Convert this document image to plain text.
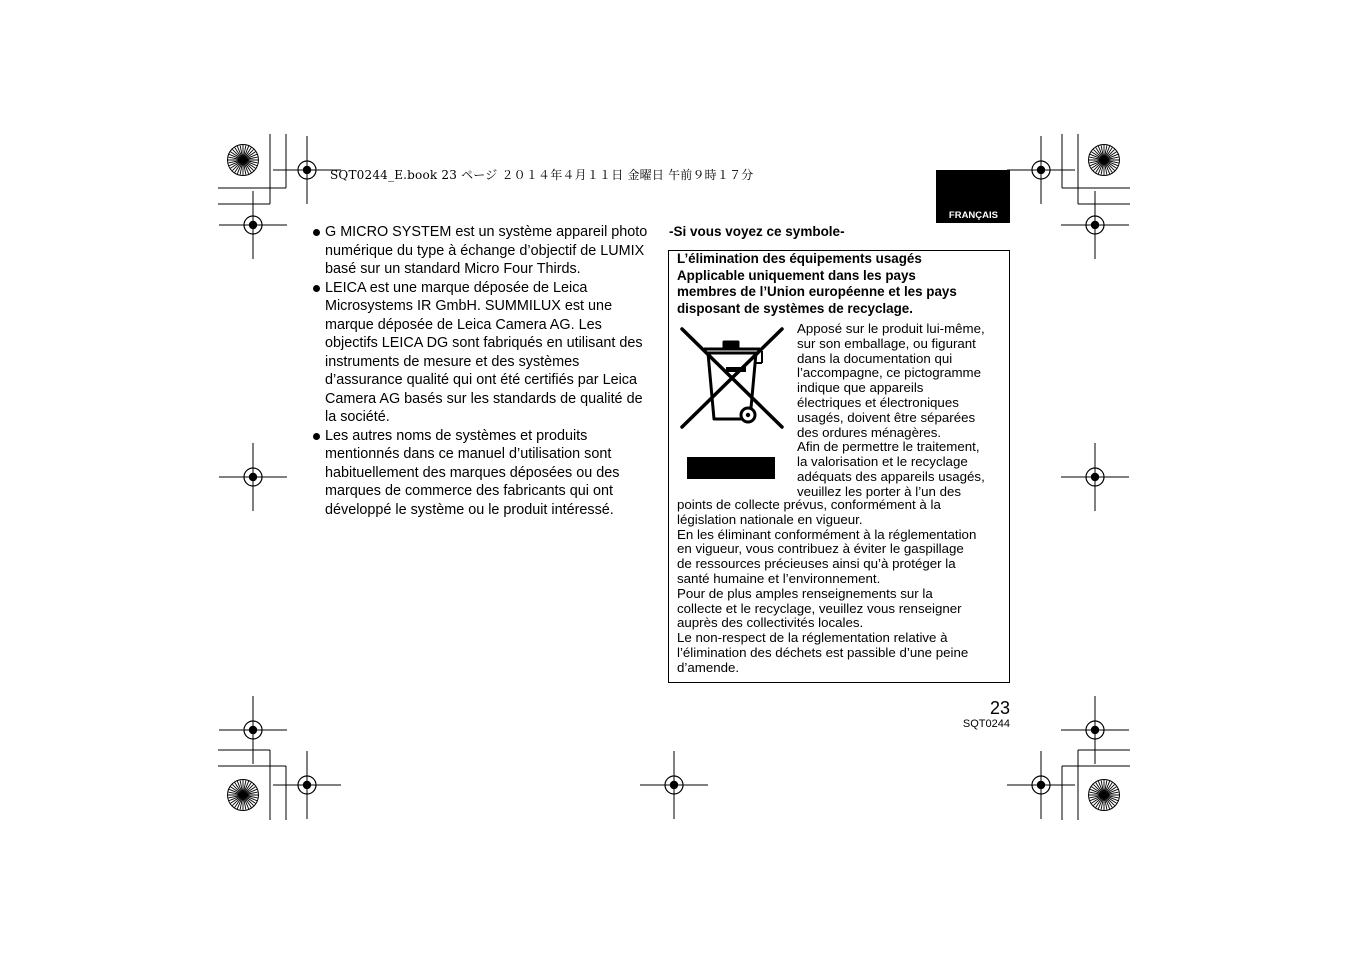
SQT0244_E.book 23 ページ ２０１４年４月１１日 金曜日 午前９時１７分
FRANÇAIS

G MICRO SYSTEM est un système appareil photo numérique du type à échange d’objectif de LUMIX basé sur un standard Micro Four Thirds.

LEICA est une marque déposée de Leica Microsystems IR GmbH. SUMMILUX est une marque déposée de Leica Camera AG. Les objectifs LEICA DG sont fabriqués en utilisant des instruments de mesure et des systèmes d’assurance qualité qui ont été certifiés par Leica Camera AG basés sur les standards de qualité de la société.

Les autres noms de systèmes et produits mentionnés dans ce manuel d’utilisation sont habituellement des marques déposées ou des marques de commerce des fabricants qui ont développé le système ou le produit intéressé.

-Si vous voyez ce symbole-
L’élimination des équipements usagés
Applicable uniquement dans les pays
membres de l’Union européenne et les pays
disposant de systèmes de recyclage.
Apposé sur le produit lui-même,
sur son emballage, ou figurant
dans la documentation qui
l’accompagne, ce pictogramme
indique que appareils
électriques et électroniques
usagés, doivent être séparées
des ordures ménagères.
Afin de permettre le traitement,
la valorisation et le recyclage
adéquats des appareils usagés,
veuillez les porter à l’un des
points de collecte prévus, conformément à la
législation nationale en vigueur.
En les éliminant conformément à la réglementation
en vigueur, vous contribuez à éviter le gaspillage
de ressources précieuses ainsi qu’à protéger la
santé humaine et l’environnement.
Pour de plus amples renseignements sur la
collecte et le recyclage, veuillez vous renseigner
auprès des collectivités locales.
Le non-respect de la réglementation relative à
l’élimination des déchets est passible d’une peine
d’amende.
23
SQT0244
